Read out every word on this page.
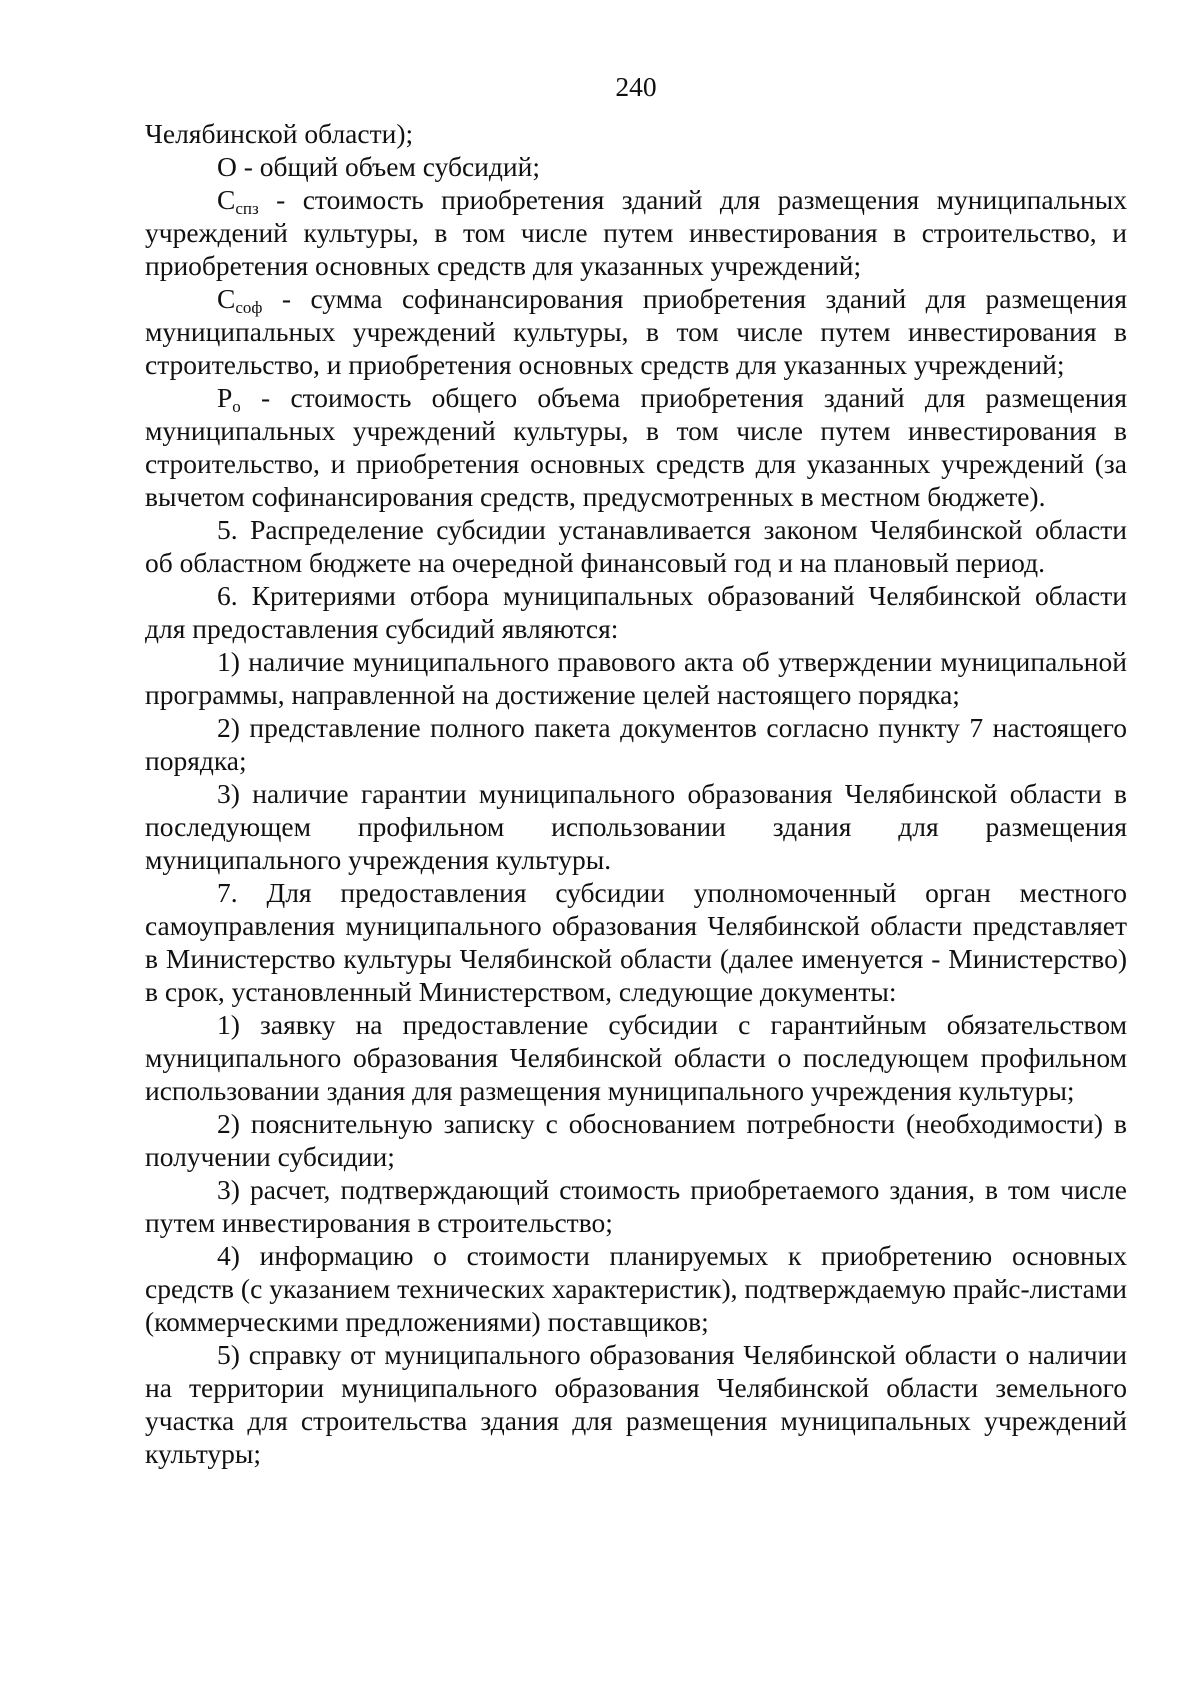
240

Челябинской области);

О - общий объем субсидий;

$С_{спз}$ - стоимость приобретения зданий для размещения муниципальных учреждений культуры, в том числе путем инвестирования в строительство, и приобретения основных средств для указанных учреждений;

$С_{соф}$ - сумма софинансирования приобретения зданий для размещения муниципальных учреждений культуры, в том числе путем инвестирования в строительство, и приобретения основных средств для указанных учреждений;

$Р_о$ - стоимость общего объема приобретения зданий для размещения муниципальных учреждений культуры, в том числе путем инвестирования в строительство, и приобретения основных средств для указанных учреждений (за вычетом софинансирования средств, предусмотренных в местном бюджете).

5. Распределение субсидии устанавливается законом Челябинской области об областном бюджете на очередной финансовый год и на плановый период.

6. Критериями отбора муниципальных образований Челябинской области для предоставления субсидий являются:

1) наличие муниципального правового акта об утверждении муниципальной программы, направленной на достижение целей настоящего порядка;

2) представление полного пакета документов согласно пункту 7 настоящего порядка;

3) наличие гарантии муниципального образования Челябинской области в последующем профильном использовании здания для размещения муниципального учреждения культуры.

7. Для предоставления субсидии уполномоченный орган местного самоуправления муниципального образования Челябинской области представляет в Министерство культуры Челябинской области (далее именуется - Министерство) в срок, установленный Министерством, следующие документы:

1) заявку на предоставление субсидии с гарантийным обязательством муниципального образования Челябинской области о последующем профильном использовании здания для размещения муниципального учреждения культуры;

2) пояснительную записку с обоснованием потребности (необходимости) в получении субсидии;

3) расчет, подтверждающий стоимость приобретаемого здания, в том числе путем инвестирования в строительство;

4) информацию о стоимости планируемых к приобретению основных средств (с указанием технических характеристик), подтверждаемую прайс-листами (коммерческими предложениями) поставщиков;

5) справку от муниципального образования Челябинской области о наличии на территории муниципального образования Челябинской области земельного участка для строительства здания для размещения муниципальных учреждений культуры;
